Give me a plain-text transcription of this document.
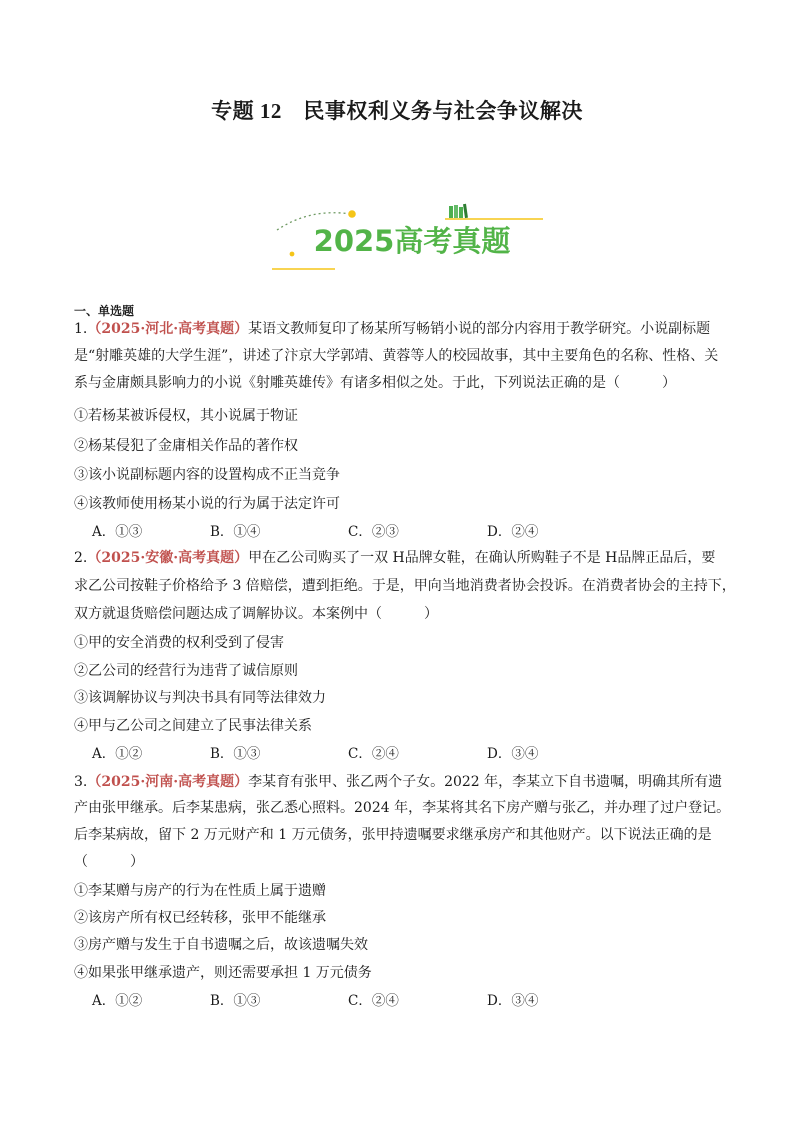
专题 12　民事权利义务与社会争议解决
2025高考真题
一、单选题
1.（2025·河北·高考真题）某语文教师复印了杨某所写畅销小说的部分内容用于教学研究。小说副标题
是“射雕英雄的大学生涯”，讲述了汴京大学郭靖、黄蓉等人的校园故事，其中主要角色的名称、性格、关
系与金庸颇具影响力的小说《射雕英雄传》有诸多相似之处。于此，下列说法正确的是（　　　）
①若杨某被诉侵权，其小说属于物证
②杨某侵犯了金庸相关作品的著作权
③该小说副标题内容的设置构成不正当竞争
④该教师使用杨某小说的行为属于法定许可
A．①③	B．①④	C．②③	D．②④
2.（2025·安徽·高考真题）甲在乙公司购买了一双 H品牌女鞋，在确认所购鞋子不是 H品牌正品后，要
求乙公司按鞋子价格给予 3 倍赔偿，遭到拒绝。于是，甲向当地消费者协会投诉。在消费者协会的主持下，
双方就退货赔偿问题达成了调解协议。本案例中（　　　）
①甲的安全消费的权利受到了侵害
②乙公司的经营行为违背了诚信原则
③该调解协议与判决书具有同等法律效力
④甲与乙公司之间建立了民事法律关系
A．①②	B．①③	C．②④	D．③④
3.（2025·河南·高考真题）李某育有张甲、张乙两个子女。2022 年，李某立下自书遗嘱，明确其所有遗
产由张甲继承。后李某患病，张乙悉心照料。2024 年，李某将其名下房产赠与张乙，并办理了过户登记。
后李某病故，留下 2 万元财产和 1 万元债务，张甲持遗嘱要求继承房产和其他财产。以下说法正确的是
（　　　）
①李某赠与房产的行为在性质上属于遗赠
②该房产所有权已经转移，张甲不能继承
③房产赠与发生于自书遗嘱之后，故该遗嘱失效
④如果张甲继承遗产，则还需要承担 1 万元债务
A．①②	B．①③	C．②④	D．③④
